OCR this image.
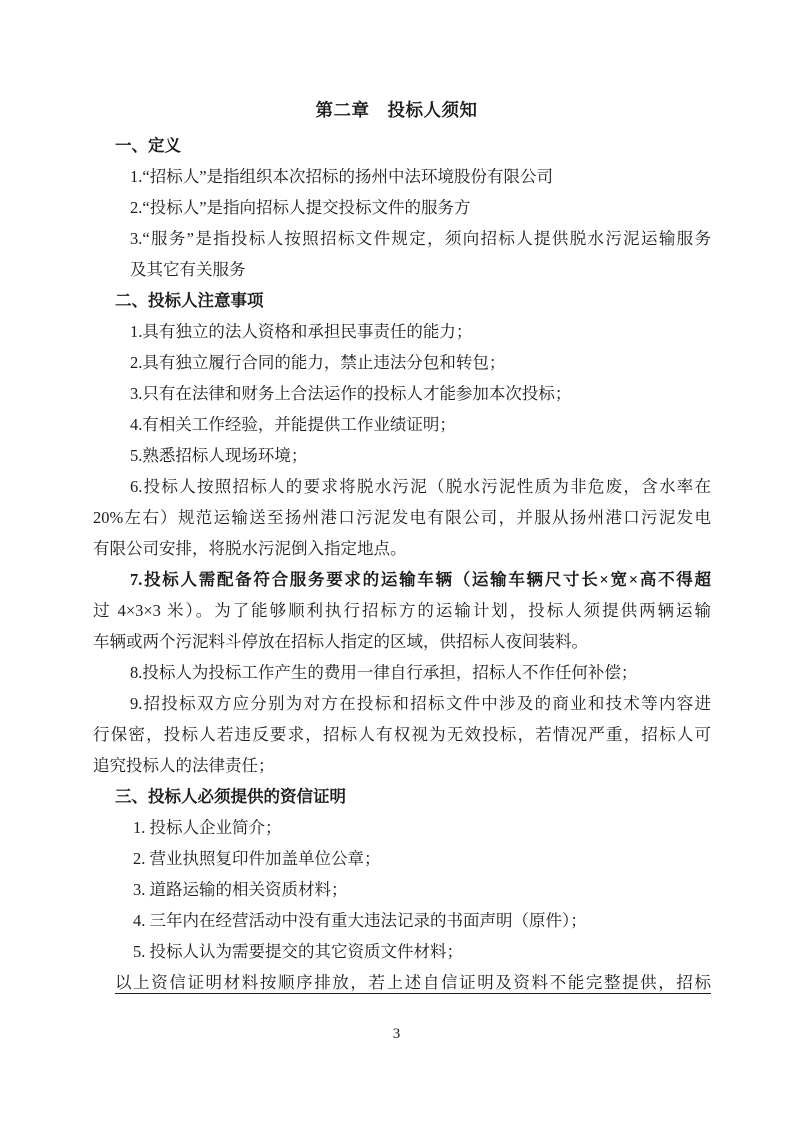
第二章　投标人须知
一、定义
1.“招标人”是指组织本次招标的扬州中法环境股份有限公司
2.“投标人”是指向招标人提交投标文件的服务方
3.“服务”是指投标人按照招标文件规定，须向招标人提供脱水污泥运输服务
及其它有关服务
二、投标人注意事项
1.具有独立的法人资格和承担民事责任的能力；
2.具有独立履行合同的能力，禁止违法分包和转包；
3.只有在法律和财务上合法运作的投标人才能参加本次投标；
4.有相关工作经验，并能提供工作业绩证明；
5.熟悉招标人现场环境；
6.投标人按照招标人的要求将脱水污泥（脱水污泥性质为非危废，含水率在
20%左右）规范运输送至扬州港口污泥发电有限公司，并服从扬州港口污泥发电
有限公司安排，将脱水污泥倒入指定地点。
7.投标人需配备符合服务要求的运输车辆（运输车辆尺寸长×宽×高不得超
过 4×3×3 米）。为了能够顺利执行招标方的运输计划，投标人须提供两辆运输
车辆或两个污泥料斗停放在招标人指定的区域，供招标人夜间装料。
8.投标人为投标工作产生的费用一律自行承担，招标人不作任何补偿；
9.招投标双方应分别为对方在投标和招标文件中涉及的商业和技术等内容进
行保密，投标人若违反要求，招标人有权视为无效投标，若情况严重，招标人可
追究投标人的法律责任；
三、投标人必须提供的资信证明
1. 投标人企业简介；
2. 营业执照复印件加盖单位公章；
3. 道路运输的相关资质材料；
4. 三年内在经营活动中没有重大违法记录的书面声明（原件）；
5. 投标人认为需要提交的其它资质文件材料；
以上资信证明材料按顺序排放，若上述自信证明及资料不能完整提供，招标
3
